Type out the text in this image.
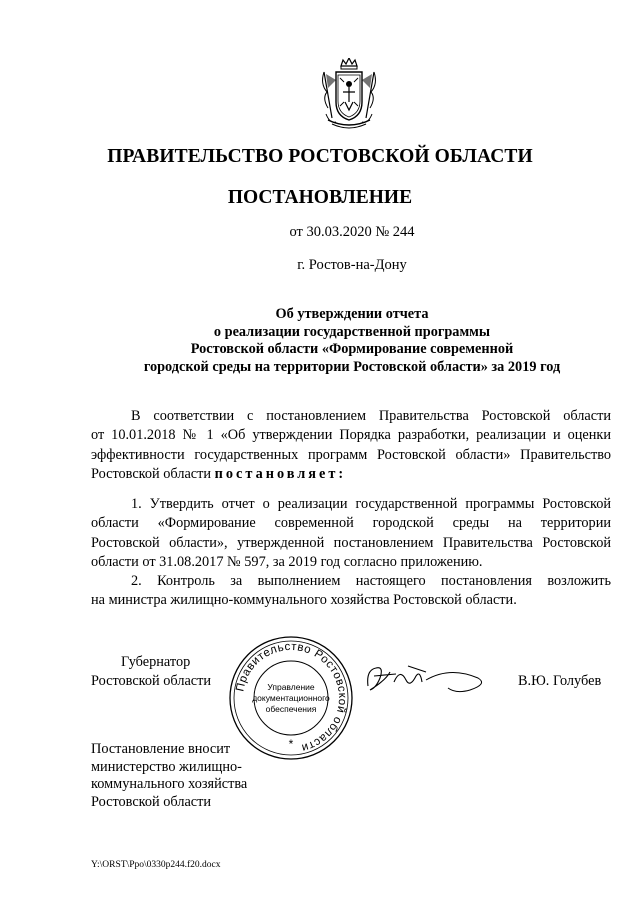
ПРАВИТЕЛЬСТВО РОСТОВСКОЙ ОБЛАСТИ
ПОСТАНОВЛЕНИЕ
от 30.03.2020 № 244
г. Ростов-на-Дону
Об утверждении отчета
о реализации государственной программы
Ростовской области «Формирование современной
городской среды на территории Ростовской области» за 2019 год
В соответствии с постановлением Правительства Ростовской области
от 10.01.2018 № 1 «Об утверждении Порядка разработки, реализации и оценки
эффективности государственных программ Ростовской области» Правительство
Ростовской области постановляет:
1. Утвердить отчет о реализации государственной программы Ростовской
области «Формирование современной городской среды на территории
Ростовской области», утвержденной постановлением Правительства Ростовской
области от 31.08.2017 № 597, за 2019 год согласно приложению.
2. Контроль за выполнением настоящего постановления возложить
на министра жилищно-коммунального хозяйства Ростовской области.
Губернатор
Ростовской области Правительство Ростовской области
Управление
документационного
обеспечения
*
В.Ю. Голубев
Постановление вносит
министерство жилищно-
коммунального хозяйства
Ростовской области
Y:\ORST\Ppo\0330p244.f20.docx
